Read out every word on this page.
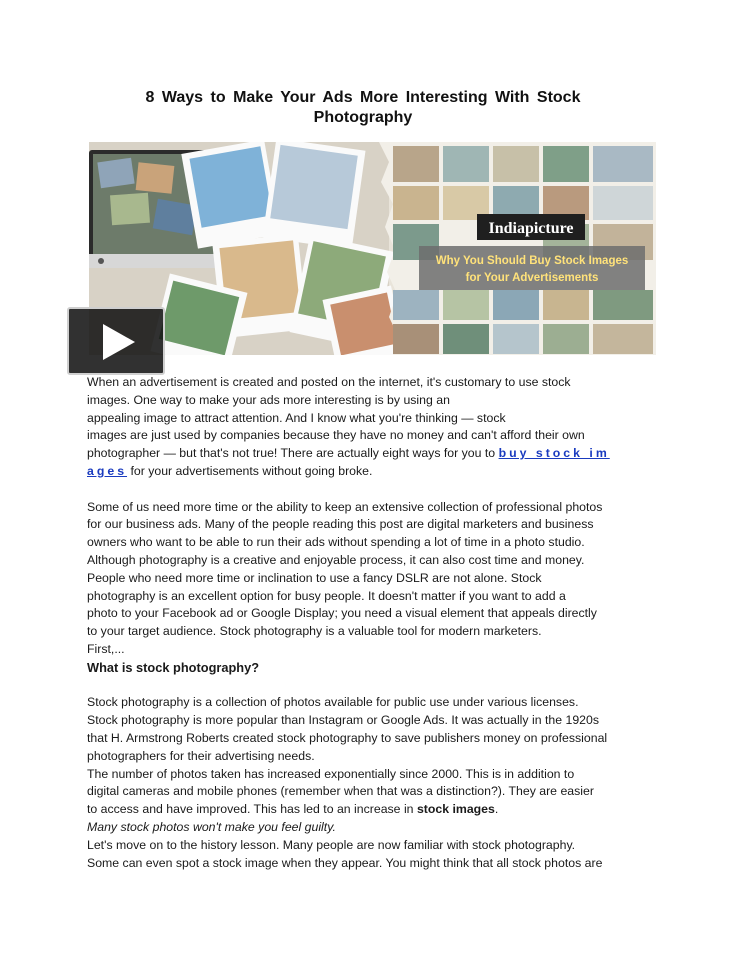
8 Ways to Make Your Ads More Interesting With Stock Photography
Indiapicture
Why You Should Buy Stock Images
for Your Advertisements

When an advertisement is created and posted on the internet, it's customary to use stock

images. One way to make your ads more interesting is by using an

appealing image to attract attention. And I know what you're thinking — stock

images are just used by companies because they have no money and can't afford their own

photographer — but that's not true! There are actually eight ways for you to buy stock im

ages for your advertisements without going broke.

Some of us need more time or the ability to keep an extensive collection of professional photos

for our business ads. Many of the people reading this post are digital marketers and business

owners who want to be able to run their ads without spending a lot of time in a photo studio.

Although photography is a creative and enjoyable process, it can also cost time and money.

People who need more time or inclination to use a fancy DSLR are not alone. Stock

photography is an excellent option for busy people. It doesn't matter if you want to add a

photo to your Facebook ad or Google Display; you need a visual element that appeals directly

to your target audience. Stock photography is a valuable tool for modern marketers.

First,...

What is stock photography?

Stock photography is a collection of photos available for public use under various licenses.

Stock photography is more popular than Instagram or Google Ads. It was actually in the 1920s

that H. Armstrong Roberts created stock photography to save publishers money on professional

photographers for their advertising needs.

The number of photos taken has increased exponentially since 2000. This is in addition to

digital cameras and mobile phones (remember when that was a distinction?). They are easier

to access and have improved. This has led to an increase in stock images.

Many stock photos won't make you feel guilty.

Let's move on to the history lesson. Many people are now familiar with stock photography.

Some can even spot a stock image when they appear. You might think that all stock photos are
